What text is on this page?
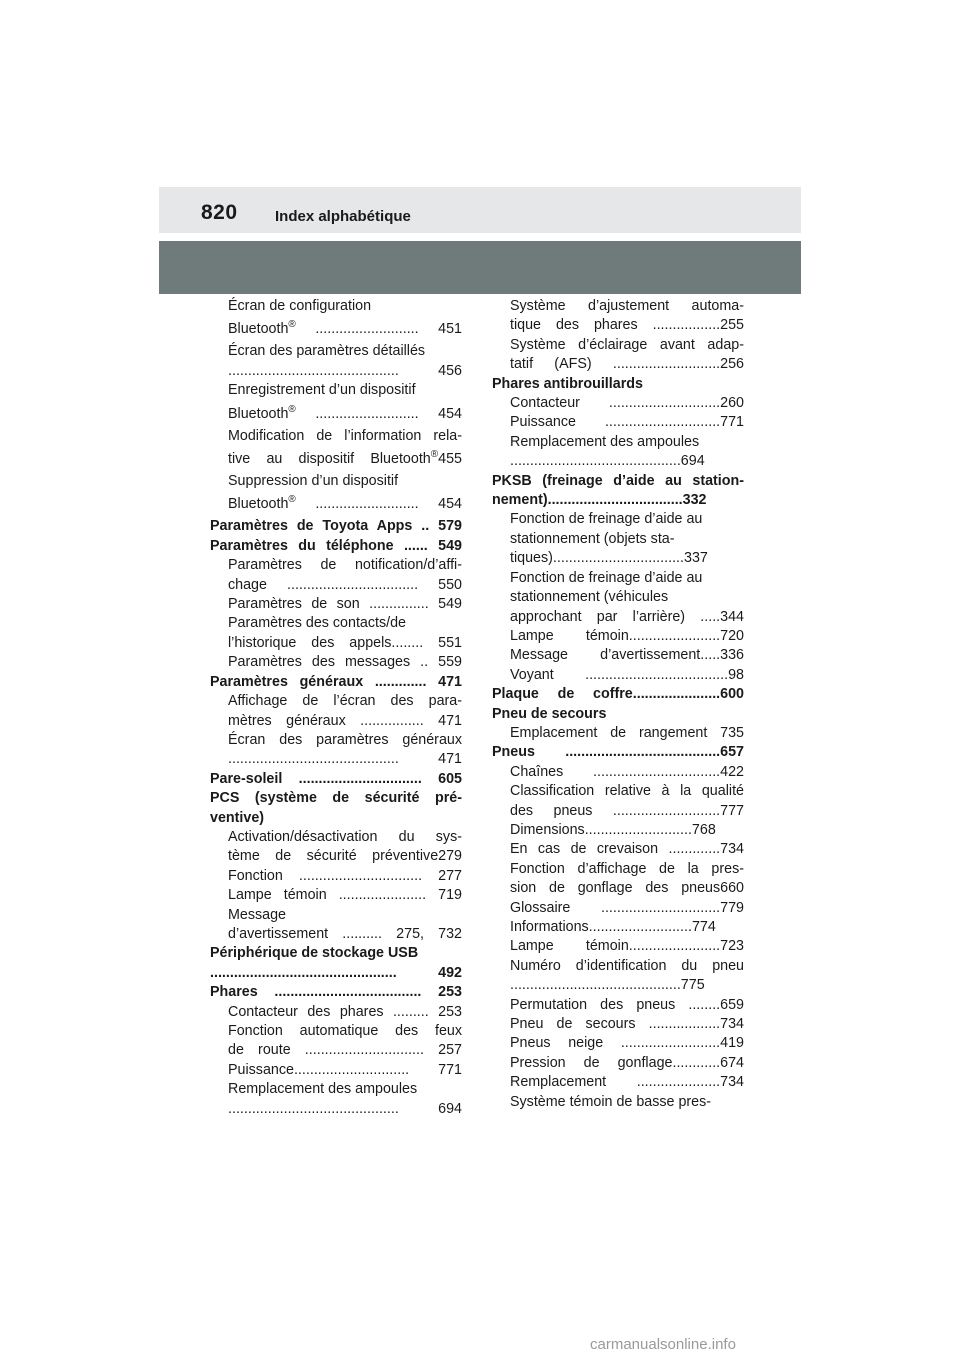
820 Index alphabétique
Écran de configuration
Bluetooth® .......................... 451
Écran des paramètres détaillés
........................................... 456
Enregistrement d’un dispositif
Bluetooth® .......................... 454
Modification de l’information rela-
tive au dispositif Bluetooth®455
Suppression d’un dispositif
Bluetooth® .......................... 454
Paramètres de Toyota Apps .. 579
Paramètres du téléphone ...... 549
Paramètres de notification/d’affi-
chage ................................. 550
Paramètres de son ............... 549
Paramètres des contacts/de
l’historique des appels........ 551
Paramètres des messages .. 559
Paramètres généraux ............. 471
Affichage de l’écran des para-
mètres généraux ................ 471
Écran des paramètres généraux
........................................... 471
Pare-soleil ............................... 605
PCS (système de sécurité pré-
ventive)
Activation/désactivation du sys-
tème de sécurité préventive279
Fonction ............................... 277
Lampe témoin ...................... 719
Message
d’avertissement .......... 275, 732
Périphérique de stockage USB
............................................... 492
Phares ..................................... 253
Contacteur des phares ......... 253
Fonction automatique des feux
de route .............................. 257
Puissance............................. 771
Remplacement des ampoules
........................................... 694
Système d’ajustement automa-
tique des phares .................255
Système d’éclairage avant adap-
tatif (AFS) ...........................256
Phares antibrouillards
Contacteur ............................260
Puissance .............................771
Remplacement des ampoules
...........................................694
PKSB (freinage d’aide au station-
nement)..................................332
Fonction de freinage d’aide au
stationnement (objets sta-
tiques).................................337
Fonction de freinage d’aide au
stationnement (véhicules
approchant par l’arrière) .....344
Lampe témoin.......................720
Message d’avertissement.....336
Voyant ....................................98
Plaque de coffre......................600
Pneu de secours
Emplacement de rangement 735
Pneus .......................................657
Chaînes ................................422
Classification relative à la qualité
des pneus ...........................777
Dimensions...........................768
En cas de crevaison .............734
Fonction d’affichage de la pres-
sion de gonflage des pneus660
Glossaire ..............................779
Informations..........................774
Lampe témoin.......................723
Numéro d’identification du pneu
...........................................775
Permutation des pneus ........659
Pneu de secours ..................734
Pneus neige .........................419
Pression de gonflage............674
Remplacement .....................734
Système témoin de basse pres-
carmanualsonline.info
